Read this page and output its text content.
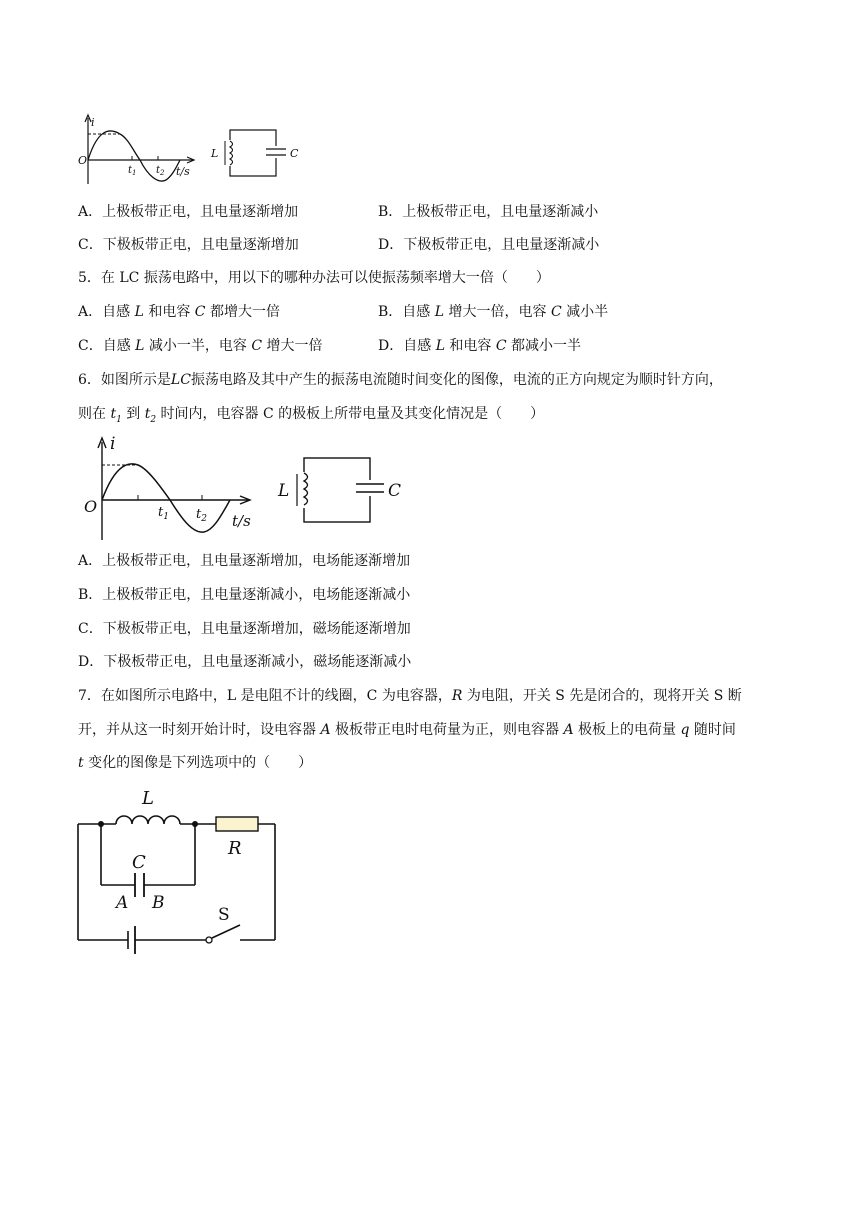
i
O
$t_1$ $t_2$ t/s
L	C
A．上极板带正电，且电量逐渐增加	B．上极板带正电，且电量逐渐减小
C．下极板带正电，且电量逐渐增加	D．下极板带正电，且电量逐渐减小
5．在 LC 振荡电路中，用以下的哪种办法可以使振荡频率增大一倍（　　）
A．自感 L 和电容 C 都增大一倍	B．自感 L 增大一倍，电容 C 减小半
C．自感 L 减小一半，电容 C 增大一倍	D．自感 L 和电容 C 都减小一半
6．如图所示是LC振荡电路及其中产生的振荡电流随时间变化的图像，电流的正方向规定为顺时针方向，
则在 $t_1$ 到 $t_2$ 时间内，电容器 C 的极板上所带电量及其变化情况是（　　）
i
O	$t_1$ $t_2$ t/s
L	C
A．上极板带正电，且电量逐渐增加，电场能逐渐增加
B．上极板带正电，且电量逐渐减小，电场能逐渐减小
C．下极板带正电，且电量逐渐增加，磁场能逐渐增加
D．下极板带正电，且电量逐渐减小，磁场能逐渐减小
7．在如图所示电路中，L 是电阻不计的线圈，C 为电容器，R 为电阻，开关 S 先是闭合的，现将开关 S 断
开，并从这一时刻开始计时，设电容器 A 极板带正电时电荷量为正，则电容器 A 极板上的电荷量 q 随时间
t 变化的图像是下列选项中的（　　）
L
R
C
A B
S
